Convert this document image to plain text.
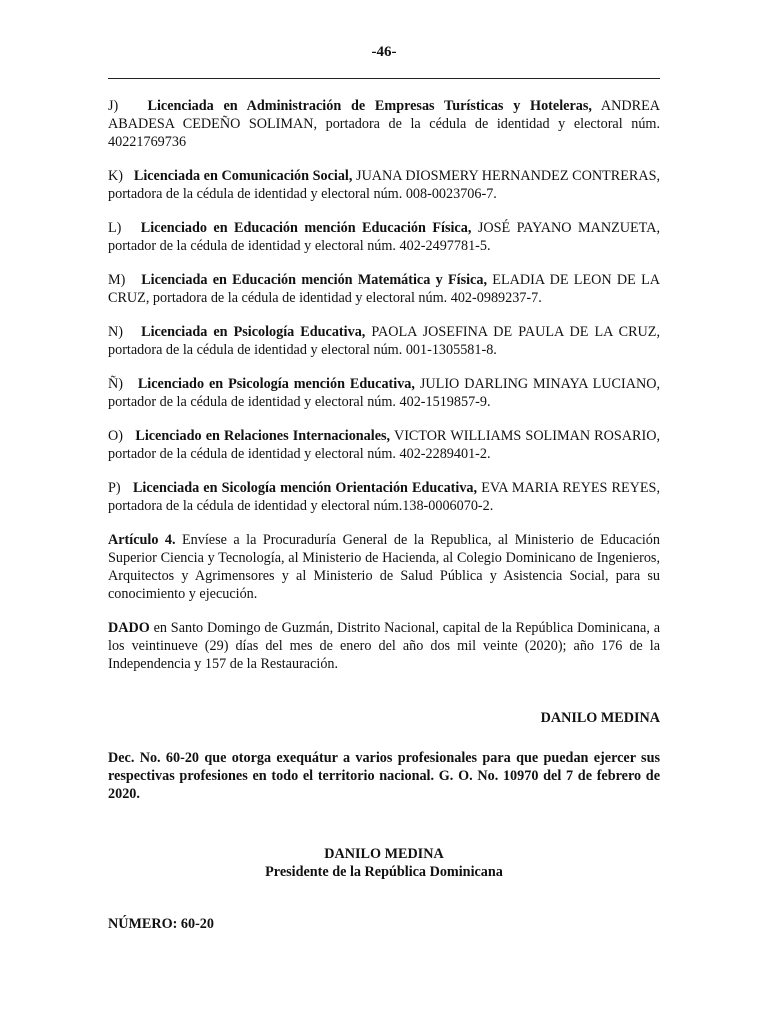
-46-

J) Licenciada en Administración de Empresas Turísticas y Hoteleras, ANDREA ABADESA CEDEÑO SOLIMAN, portadora de la cédula de identidad y electoral núm. 40221769736

K) Licenciada en Comunicación Social, JUANA DIOSMERY HERNANDEZ CONTRERAS, portadora de la cédula de identidad y electoral núm. 008-0023706-7.

L) Licenciado en Educación mención Educación Física, JOSÉ PAYANO MANZUETA, portador de la cédula de identidad y electoral núm. 402-2497781-5.

M) Licenciada en Educación mención Matemática y Física, ELADIA DE LEON DE LA CRUZ, portadora de la cédula de identidad y electoral núm. 402-0989237-7.

N) Licenciada en Psicología Educativa, PAOLA JOSEFINA DE PAULA DE LA CRUZ, portadora de la cédula de identidad y electoral núm. 001-1305581-8.

Ñ) Licenciado en Psicología mención Educativa, JULIO DARLING MINAYA LUCIANO, portador de la cédula de identidad y electoral núm. 402-1519857-9.

O) Licenciado en Relaciones Internacionales, VICTOR WILLIAMS SOLIMAN ROSARIO, portador de la cédula de identidad y electoral núm. 402-2289401-2.

P) Licenciada en Sicología mención Orientación Educativa, EVA MARIA REYES REYES, portadora de la cédula de identidad y electoral núm.138-0006070-2.

Artículo 4. Envíese a la Procuraduría General de la Republica, al Ministerio de Educación Superior Ciencia y Tecnología, al Ministerio de Hacienda, al Colegio Dominicano de Ingenieros, Arquitectos y Agrimensores y al Ministerio de Salud Pública y Asistencia Social, para su conocimiento y ejecución.

DADO en Santo Domingo de Guzmán, Distrito Nacional, capital de la República Dominicana, a los veintinueve (29) días del mes de enero del año dos mil veinte (2020); año 176 de la Independencia y 157 de la Restauración.

DANILO MEDINA

Dec. No. 60-20 que otorga exequátur a varios profesionales para que puedan ejercer sus respectivas profesiones en todo el territorio nacional. G. O. No. 10970 del 7 de febrero de 2020.

DANILO MEDINA

Presidente de la República Dominicana

NÚMERO: 60-20
